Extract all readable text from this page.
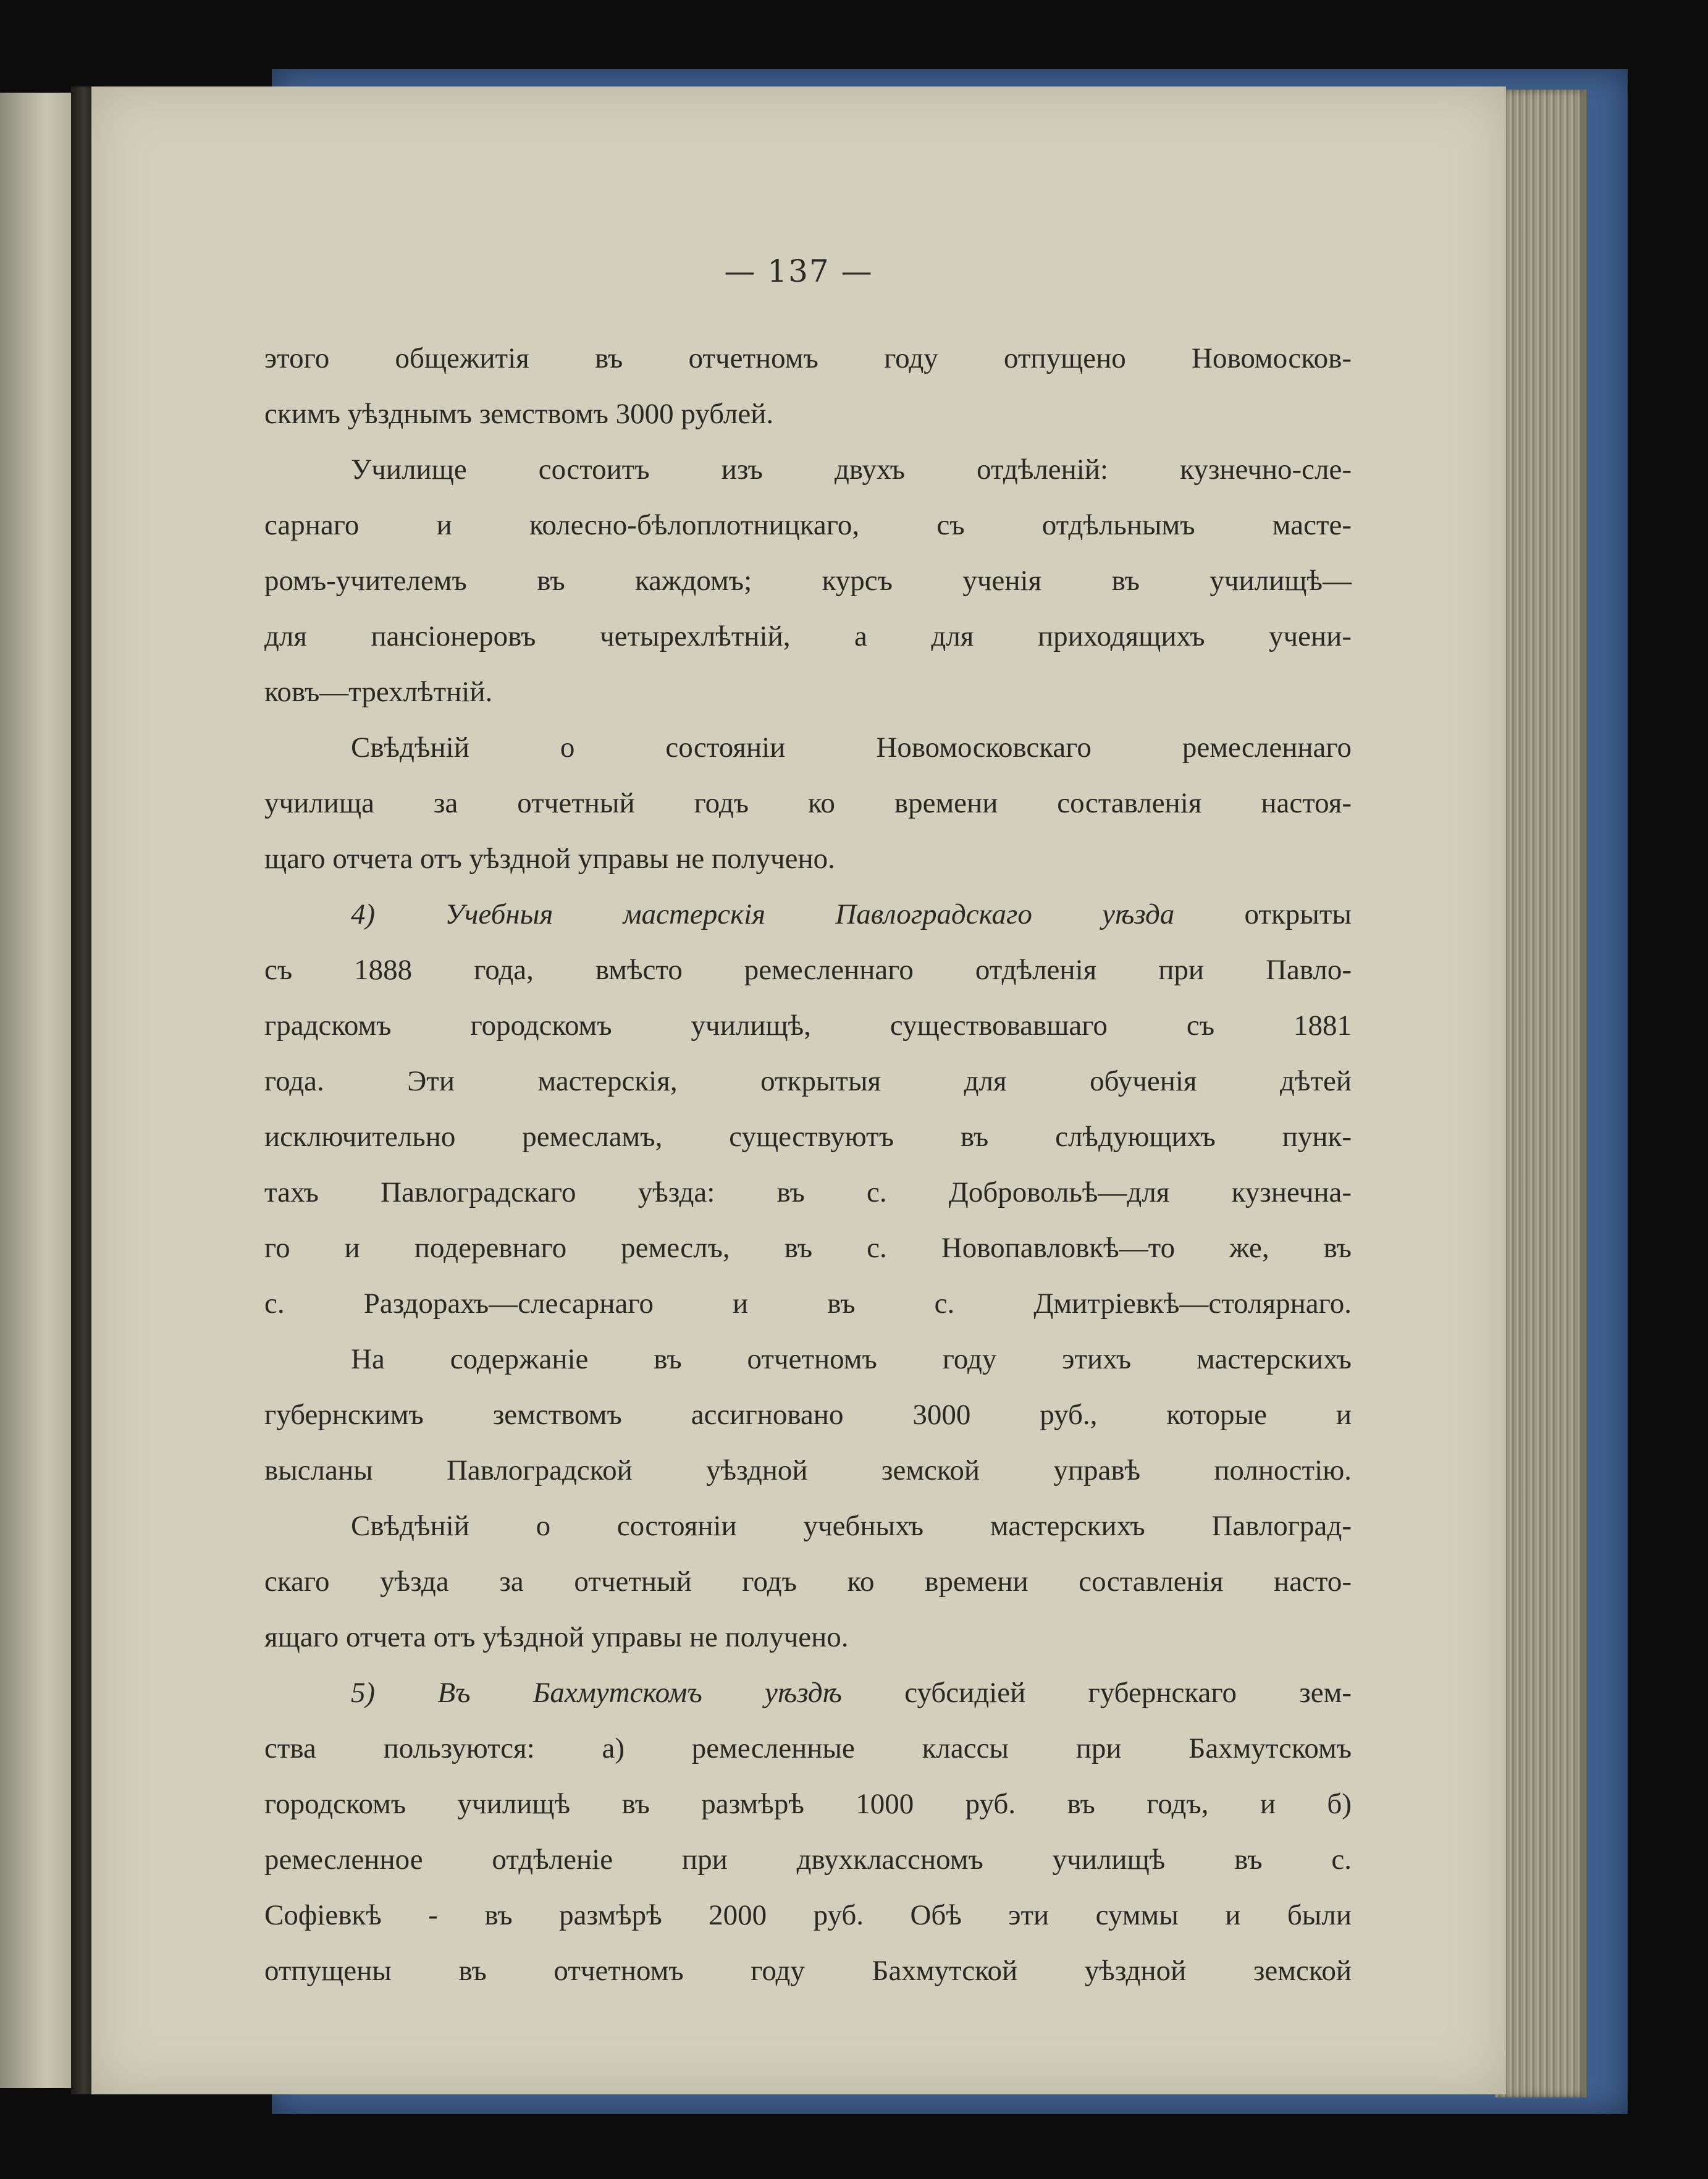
— 137 —
этого общежитія въ отчетномъ году отпущено Новомосков-
скимъ уѣзднымъ земствомъ 3000 рублей.
Училище состоитъ изъ двухъ отдѣленій: кузнечно-сле-
сарнаго и колесно-бѣлоплотницкаго, съ отдѣльнымъ масте-
ромъ-учителемъ въ каждомъ; курсъ ученія въ училищѣ—
для пансіонеровъ четырехлѣтній, а для приходящихъ учени-
ковъ—трехлѣтній.
Свѣдѣній о состояніи Новомосковскаго ремесленнаго
училища за отчетный годъ ко времени составленія настоя-
щаго отчета отъ уѣздной управы не получено.
4) Учебныя мастерскія Павлоградскаго уѣзда открыты
съ 1888 года, вмѣсто ремесленнаго отдѣленія при Павло-
градскомъ городскомъ училищѣ, существовавшаго съ 1881
года. Эти мастерскія, открытыя для обученія дѣтей
исключительно ремесламъ, существуютъ въ слѣдующихъ пунк-
тахъ Павлоградскаго уѣзда: въ с. Добровольѣ—для кузнечна-
го и подеревнаго ремеслъ, въ с. Новопавловкѣ—то же, въ
с. Раздорахъ—слесарнаго и въ с. Дмитріевкѣ—столярнаго.
На содержаніе въ отчетномъ году этихъ мастерскихъ
губернскимъ земствомъ ассигновано 3000 руб., которые и
высланы Павлоградской уѣздной земской управѣ полностію.
Свѣдѣній о состояніи учебныхъ мастерскихъ Павлоград-
скаго уѣзда за отчетный годъ ко времени составленія насто-
ящаго отчета отъ уѣздной управы не получено.
5) Въ Бахмутскомъ уѣздѣ субсидіей губернскаго зем-
ства пользуются: а) ремесленные классы при Бахмутскомъ
городскомъ училищѣ въ размѣрѣ 1000 руб. въ годъ, и б)
ремесленное отдѣленіе при двухклассномъ училищѣ въ с.
Софіевкѣ - въ размѣрѣ 2000 руб. Обѣ эти суммы и были
отпущены въ отчетномъ году Бахмутской уѣздной земской
